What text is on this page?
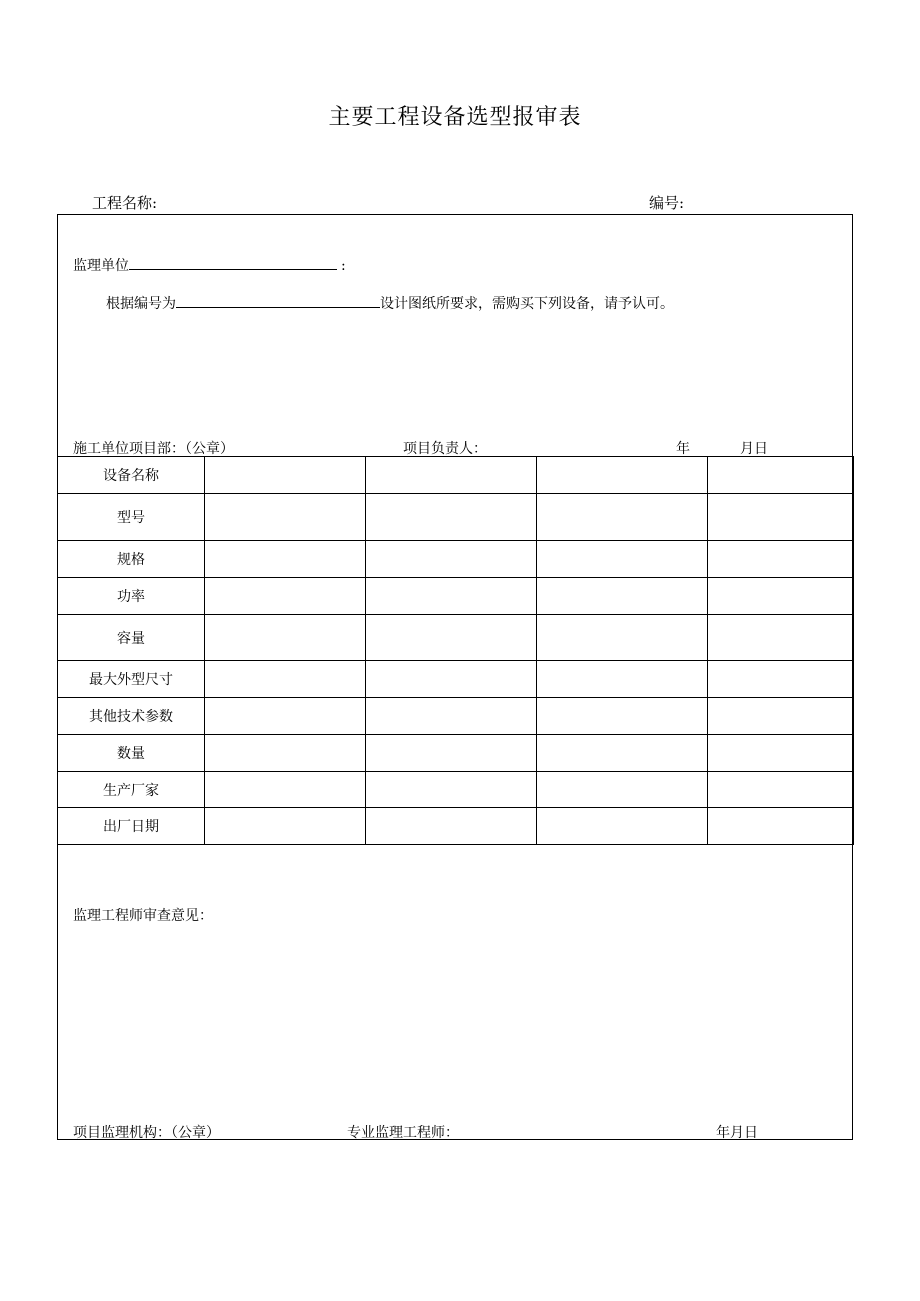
主要工程设备选型报审表
工程名称:	编号:
监理单位	:
根据编号为	设计图纸所要求，需购买下列设备，请予认可。
施工单位项目部：（公章）	项目负责人：	年	月日
设备名称				
型号				
规格				
功率				
容量				
最大外型尺寸				
其他技术参数				
数量				
生产厂家				
出厂日期				
监理工程师审查意见：
项目监理机构：（公章）	专业监理工程师：	年月日
